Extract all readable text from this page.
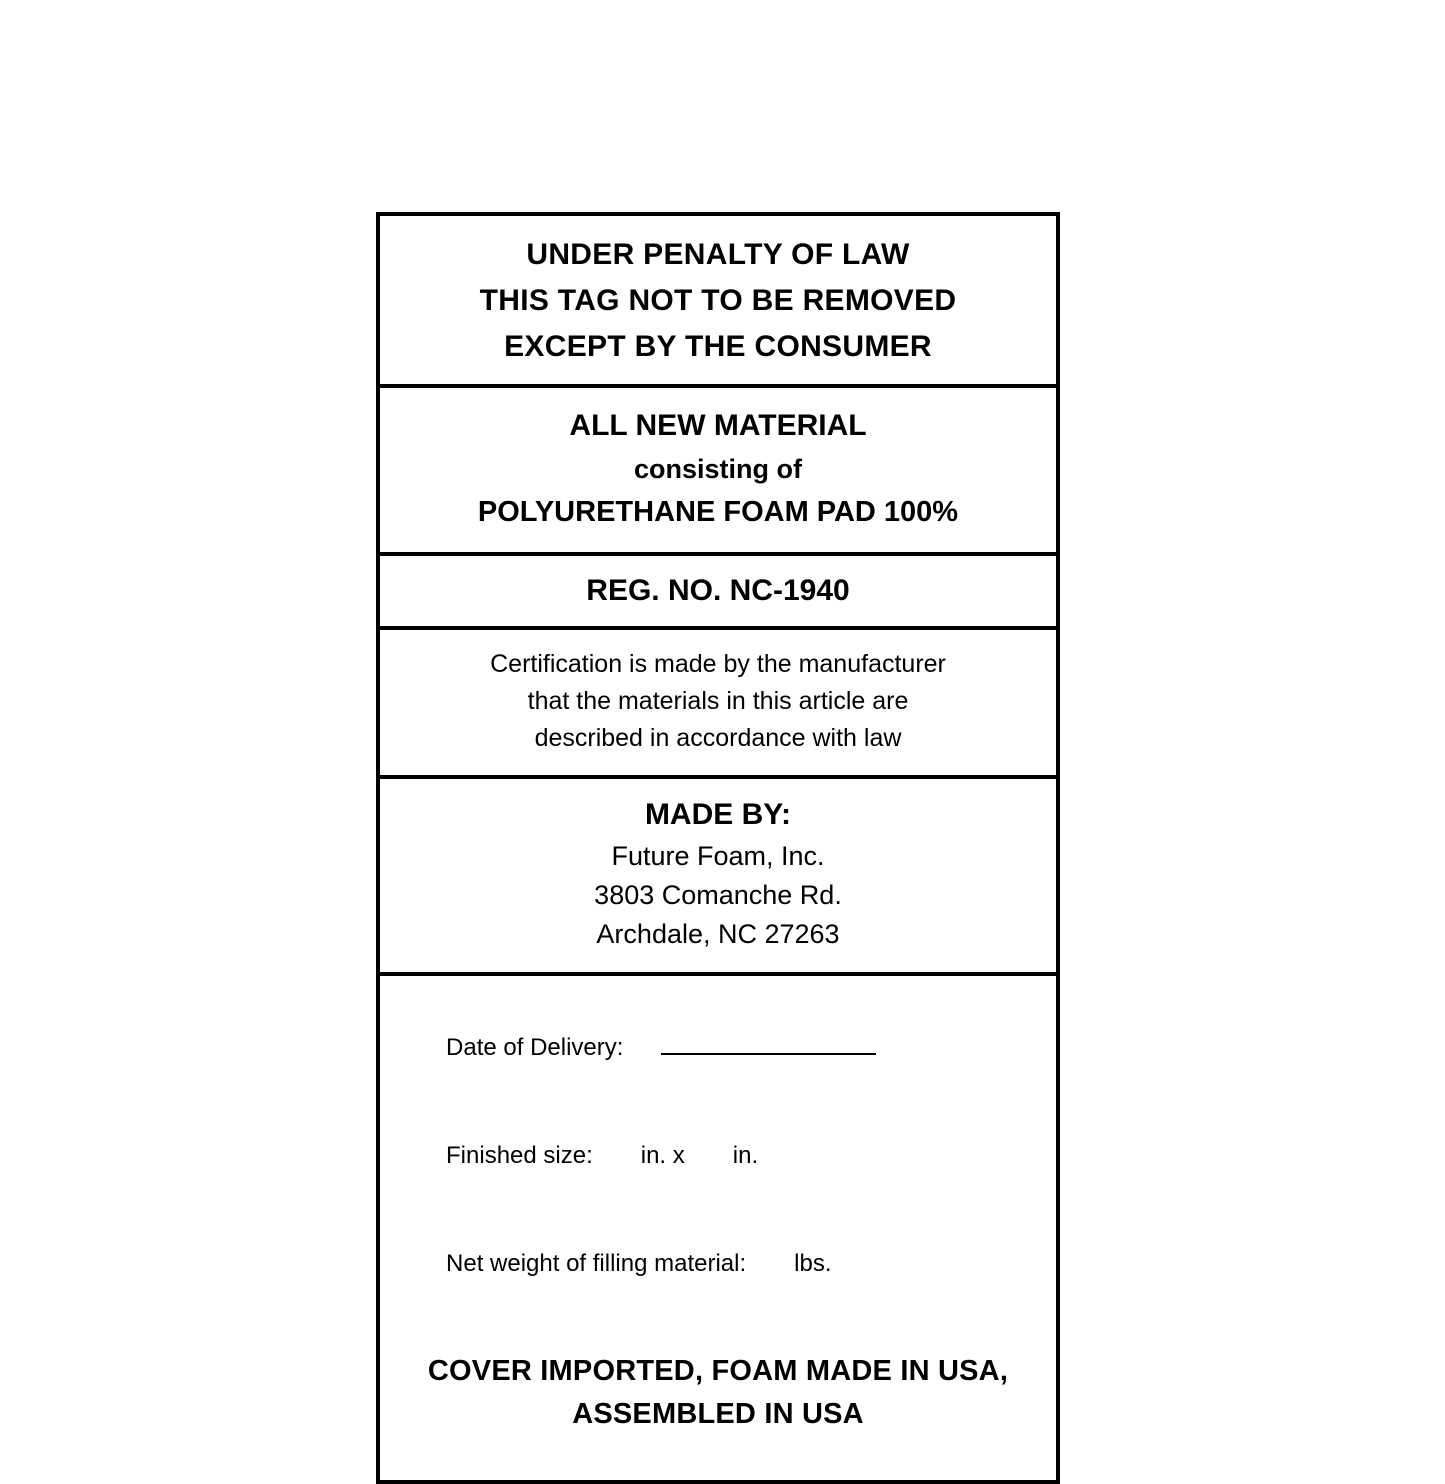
UNDER PENALTY OF LAW
THIS TAG NOT TO BE REMOVED
EXCEPT BY THE CONSUMER
ALL NEW MATERIAL
consisting of
POLYURETHANE FOAM PAD 100%
REG. NO. NC-1940
Certification is made by the manufacturer
that the materials in this article are
described in accordance with law
MADE BY:
Future Foam, Inc.
3803 Comanche Rd.
Archdale, NC 27263

Date of Delivery:

Finished size: in. x in.

Net weight of filling material: lbs.

COVER IMPORTED, FOAM MADE IN USA,
ASSEMBLED IN USA
